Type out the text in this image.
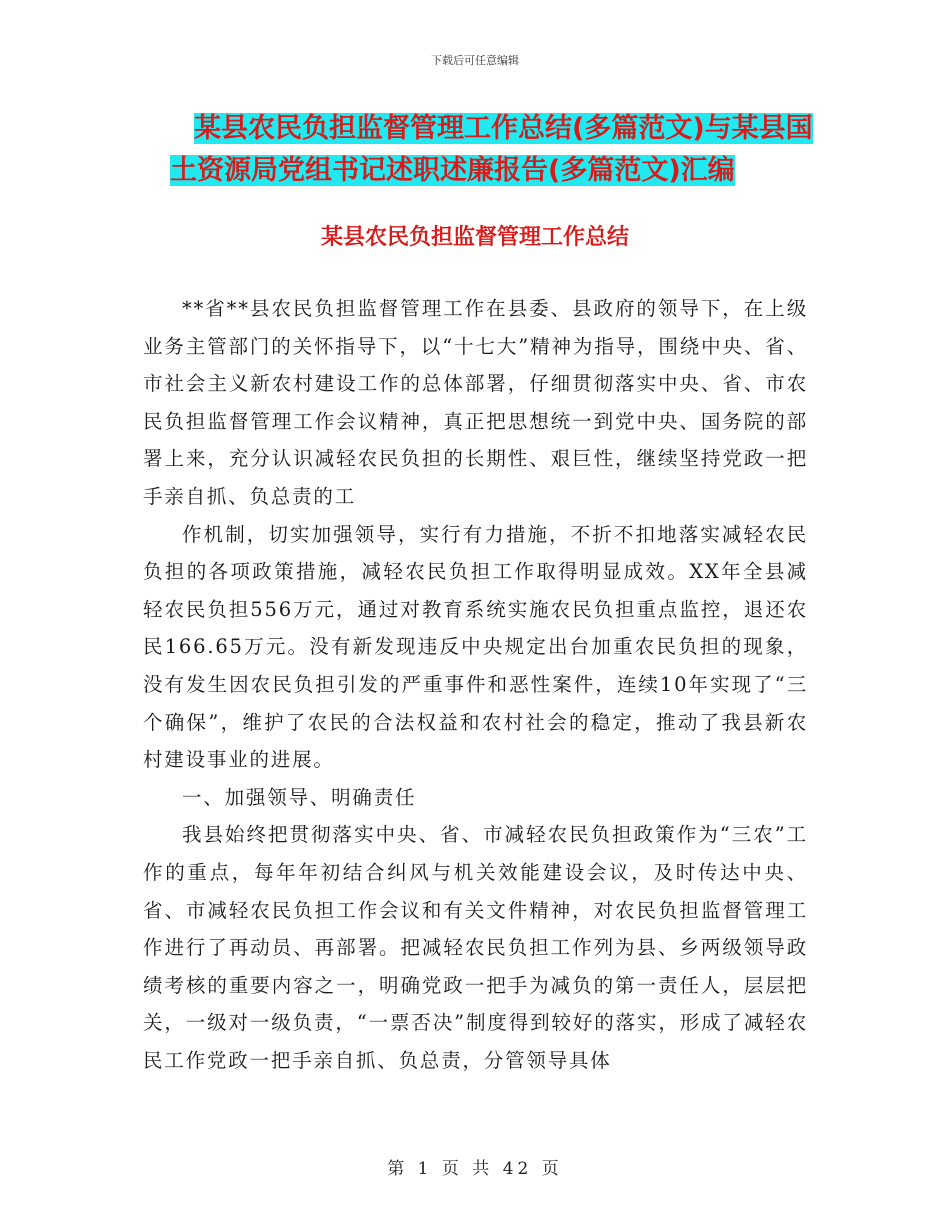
下载后可任意编辑
某县农民负担监督管理工作总结(多篇范文)与某县国
土资源局党组书记述职述廉报告(多篇范文)汇编
某县农民负担监督管理工作总结

**省**县农民负担监督管理工作在县委、县政府的领导下，在上级业务主管部门的关怀指导下，以“十七大”精神为指导，围绕中央、省、市社会主义新农村建设工作的总体部署，仔细贯彻落实中央、省、市农民负担监督管理工作会议精神，真正把思想统一到党中央、国务院的部署上来，充分认识减轻农民负担的长期性、艰巨性，继续坚持党政一把手亲自抓、负总责的工

作机制，切实加强领导，实行有力措施，不折不扣地落实减轻农民负担的各项政策措施，减轻农民负担工作取得明显成效。XX年全县减轻农民负担556万元，通过对教育系统实施农民负担重点监控，退还农民166.65万元。没有新发现违反中央规定出台加重农民负担的现象，没有发生因农民负担引发的严重事件和恶性案件，连续10年实现了“三个确保”，维护了农民的合法权益和农村社会的稳定，推动了我县新农村建设事业的进展。

一、加强领导、明确责任

我县始终把贯彻落实中央、省、市减轻农民负担政策作为“三农”工作的重点，每年年初结合纠风与机关效能建设会议，及时传达中央、省、市减轻农民负担工作会议和有关文件精神，对农民负担监督管理工作进行了再动员、再部署。把减轻农民负担工作列为县、乡两级领导政绩考核的重要内容之一，明确党政一把手为减负的第一责任人，层层把关，一级对一级负责，“一票否决”制度得到较好的落实，形成了减轻农民工作党政一把手亲自抓、负总责，分管领导具体

第 1 页 共 42 页
